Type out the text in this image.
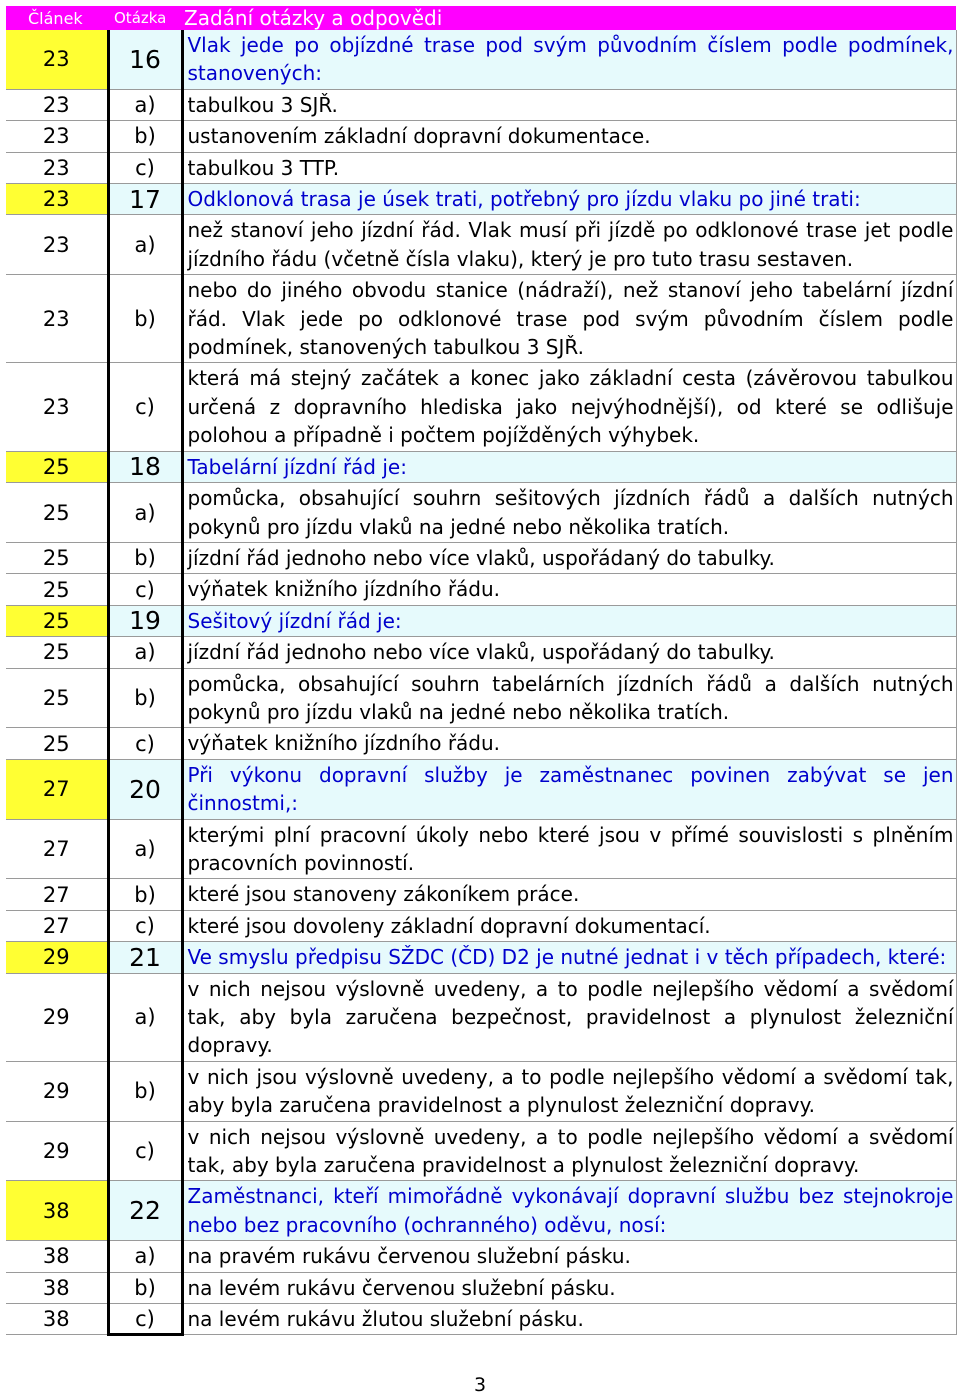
Článek	Otázka	Zadání otázky a odpovědi
23	16	Vlak jede po objízdné trase pod svým původním číslem podle podmínek, stanovených:
23	a)	tabulkou 3 SJŘ.
23	b)	ustanovením základní dopravní dokumentace.
23	c)	tabulkou 3 TTP.
23	17	Odklonová trasa je úsek trati, potřebný pro jízdu vlaku po jiné trati:
23	a)	než stanoví jeho jízdní řád. Vlak musí při jízdě po odklonové trase jet podle jízdního řádu (včetně čísla vlaku), který je pro tuto trasu sestaven.
23	b)	nebo do jiného obvodu stanice (nádraží), než stanoví jeho tabelární jízdní řád. Vlak jede po odklonové trase pod svým původním číslem podle podmínek, stanovených tabulkou 3 SJŘ.
23	c)	která má stejný začátek a konec jako základní cesta (závěrovou tabulkou určená z dopravního hlediska jako nejvýhodnější), od které se odlišuje polohou a případně i počtem pojížděných výhybek.
25	18	Tabelární jízdní řád je:
25	a)	pomůcka, obsahující souhrn sešitových jízdních řádů a dalších nutných pokynů pro jízdu vlaků na jedné nebo několika tratích.
25	b)	jízdní řád jednoho nebo více vlaků, uspořádaný do tabulky.
25	c)	výňatek knižního jízdního řádu.
25	19	Sešitový jízdní řád je:
25	a)	jízdní řád jednoho nebo více vlaků, uspořádaný do tabulky.
25	b)	pomůcka, obsahující souhrn tabelárních jízdních řádů a dalších nutných pokynů pro jízdu vlaků na jedné nebo několika tratích.
25	c)	výňatek knižního jízdního řádu.
27	20	Při výkonu dopravní služby je zaměstnanec povinen zabývat se jen činnostmi,:
27	a)	kterými plní pracovní úkoly nebo které jsou v přímé souvislosti s plněním pracovních povinností.
27	b)	které jsou stanoveny zákoníkem práce.
27	c)	které jsou dovoleny základní dopravní dokumentací.
29	21	Ve smyslu předpisu SŽDC (ČD) D2 je nutné jednat i v těch případech, které:
29	a)	v nich nejsou výslovně uvedeny, a to podle nejlepšího vědomí a svědomí tak, aby byla zaručena bezpečnost, pravidelnost a plynulost železniční dopravy.
29	b)	v nich jsou výslovně uvedeny, a to podle nejlepšího vědomí a svědomí tak, aby byla zaručena pravidelnost a plynulost železniční dopravy.
29	c)	v nich nejsou výslovně uvedeny, a to podle nejlepšího vědomí a svědomí tak, aby byla zaručena pravidelnost a plynulost železniční dopravy.
38	22	Zaměstnanci, kteří mimořádně vykonávají dopravní službu bez stejnokroje nebo bez pracovního (ochranného) oděvu, nosí:
38	a)	na pravém rukávu červenou služební pásku.
38	b)	na levém rukávu červenou služební pásku.
38	c)	na levém rukávu žlutou služební pásku.
3
